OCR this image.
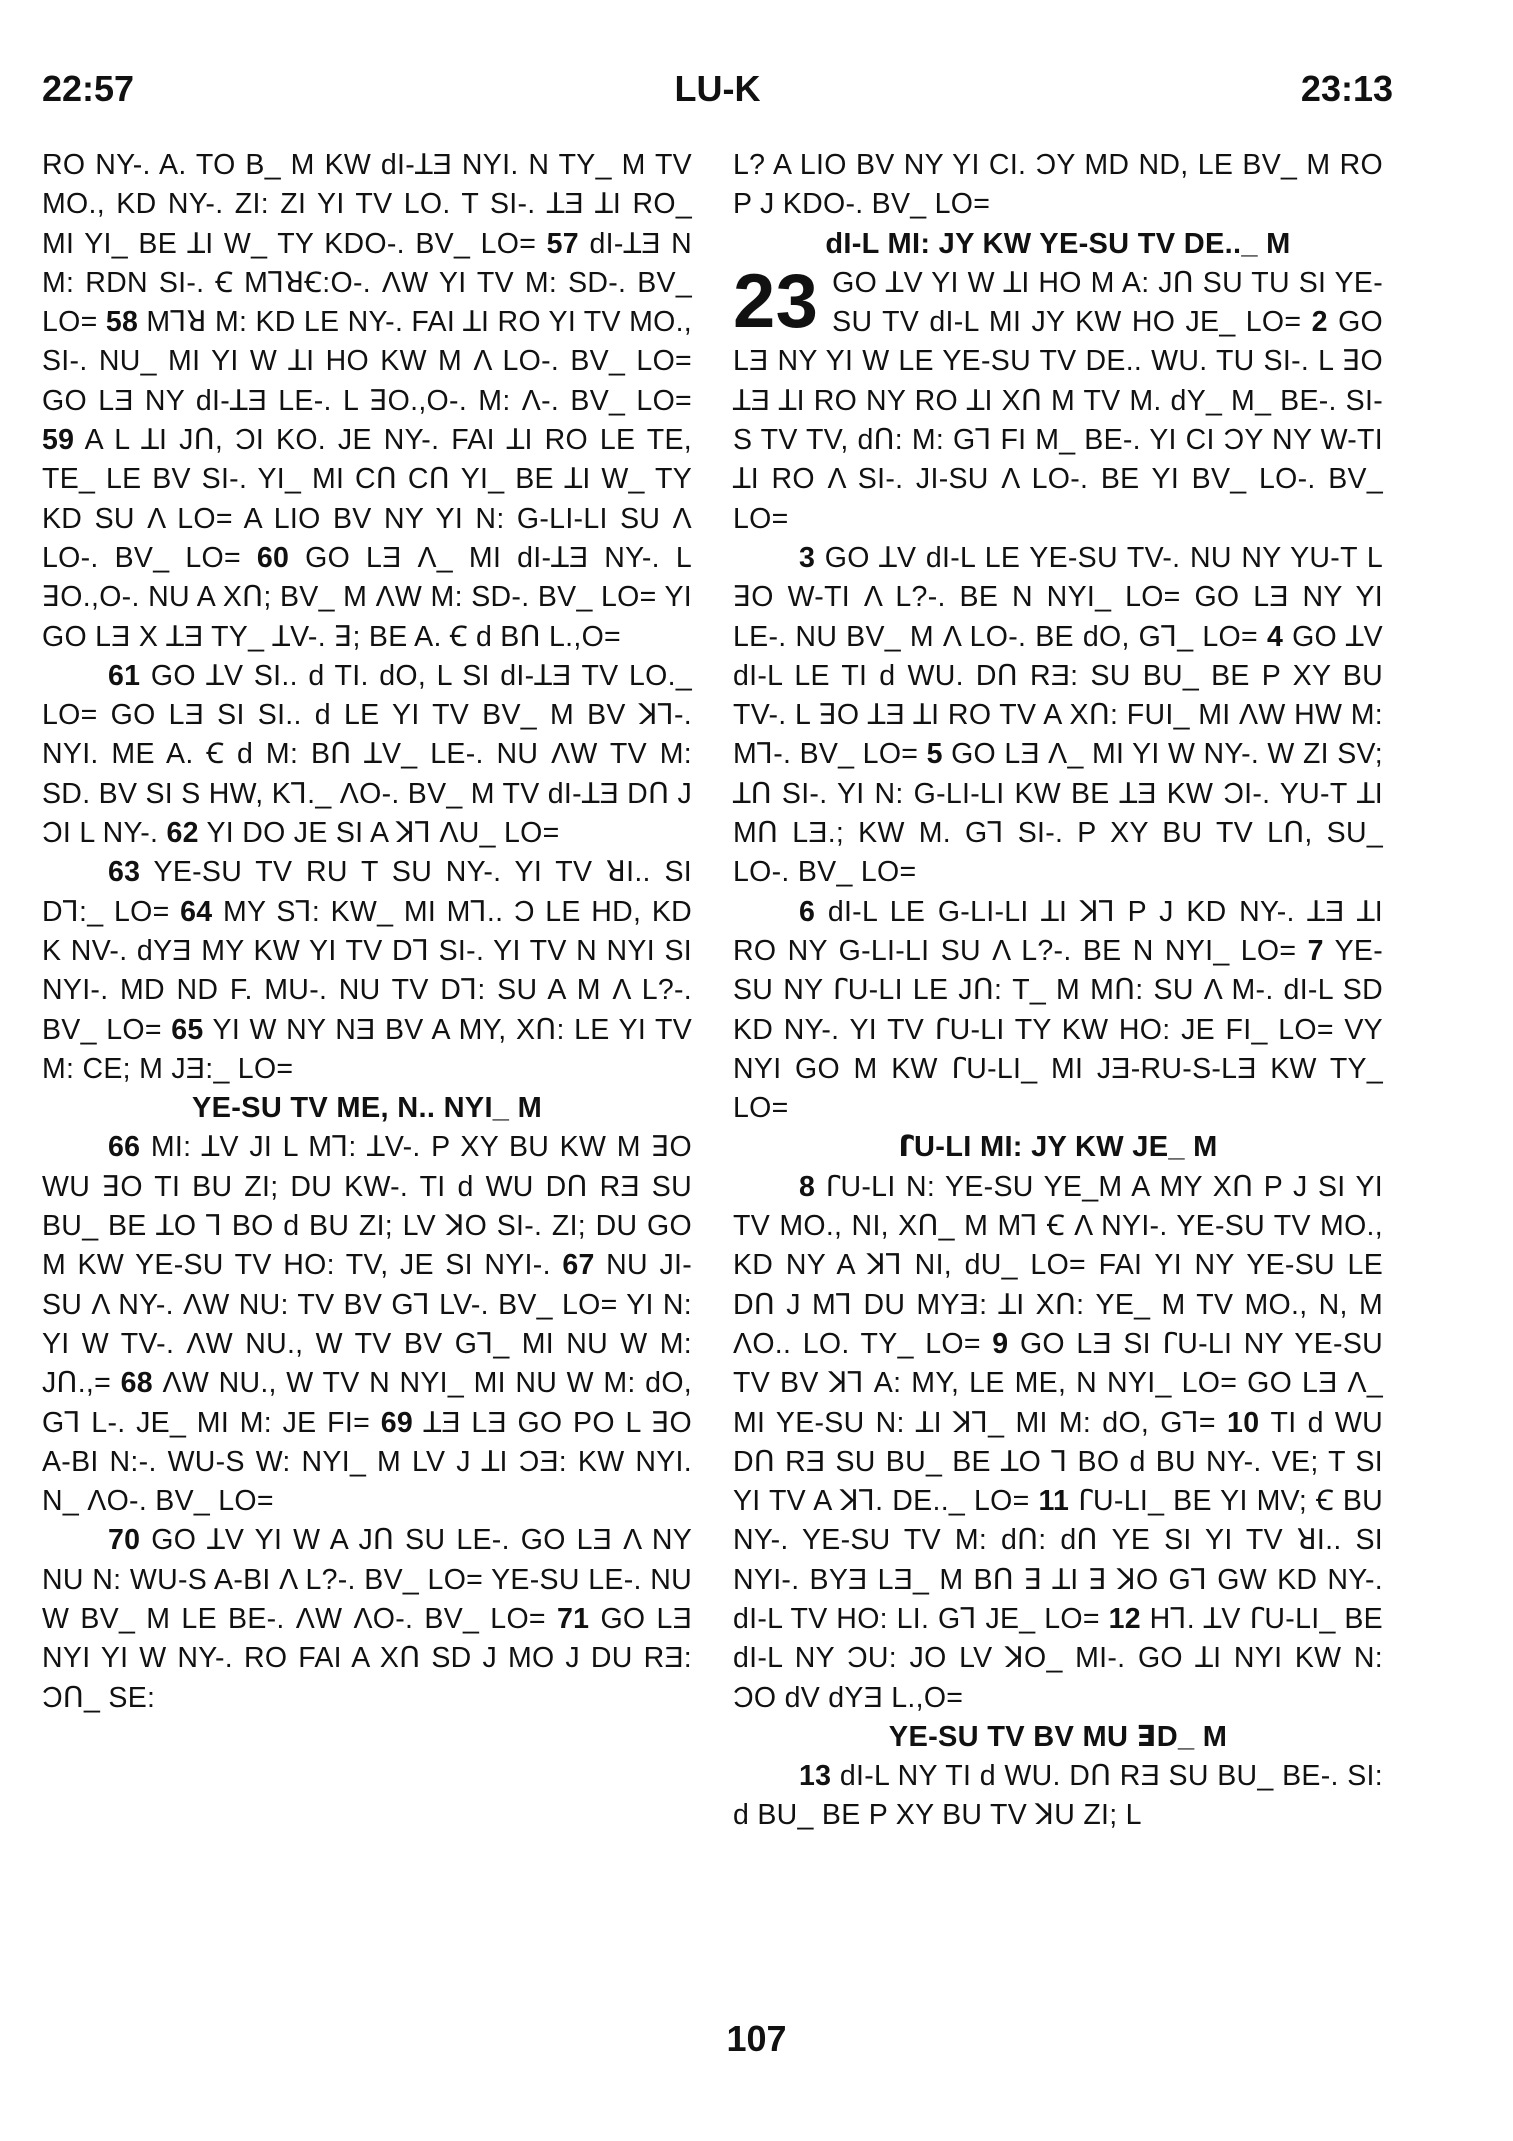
22:57	LU-K	23:13

RO NY-. A. TO B_ M KW dI-ꓕƎ NYI. N TY_ M TV MO., KD NY-. ZI: ZI YI TV LO. T SI-. ꓕƎ ꓕI RO_ MI YI_ BE ꓕI W_ TY KDO-. BV_ LO= 57 dI-ꓕƎ N M: RDN SI-. Ꞓ MꓶꓤꞒ:O-. ΛW YI TV M: SD-. BV_ LO= 58 Mꓶꓤ M: KD LE NY-. FAI ꓕI RO YI TV MO., SI-. NU_ MI YI W ꓕI HO KW M Λ LO-. BV_ LO= GO LƎ NY dI-ꓕƎ LE-. L ꓱO.,O-. M: Λ-. BV_ LO= 59 A L ꓕI JՈ, ƆI KO. JE NY-. FAI ꓕI RO LE TE, TE_ LE BV SI-. YI_ MI CՈ CՈ YI_ BE ꓕI W_ TY KD SU Λ LO= A LIO BV NY YI N: G-LI-LI SU Λ LO-. BV_ LO= 60 GO LƎ Λ_ MI dI-ꓕƎ NY-. L ꓱO.,O-. NU A XՈ; BV_ M ΛW M: SD-. BV_ LO= YI GO LƎ X ꓕƎ TY_ ꓕV-. ꓱ; BE A. Ꞓ d BՈ L.,O=

61 GO ꓕV SI.. d TI. dO, L SI dI-ꓕƎ TV LO._ LO= GO LƎ SI SI.. d LE YI TV BV_ M BV ꓘꓶ-. NYI. ME A. Ꞓ d M: BՈ ꓕV_ LE-. NU ΛW TV M: SD. BV SI S HW, Kꓶ._ ΛO-. BV_ M TV dI-ꓕƎ DՈ J ƆI L NY-. 62 YI DO JE SI A ꓘꓶ ΛU_ LO=

63 YE-SU TV RU T SU NY-. YI TV ꓤI.. SI Dꓶ:_ LO= 64 MY Sꓶ: KW_ MI Mꓶ.. Ɔ LE HD, KD K NV-. dYƎ MY KW YI TV Dꓶ SI-. YI TV N NYI SI NYI-. MD ND F. MU-. NU TV Dꓶ: SU A M Λ L?-. BV_ LO= 65 YI W NY NƎ BV A MY, XՈ: LE YI TV M: CE; M JƎ:_ LO=

YE-SU TV ME, N.. NYI_ M

66 MI: ꓕV JI L Mꓶ: ꓕV-. P XY BU KW M ꓱO WU ꓱO TI BU ZI; DU KW-. TI d WU DՈ RƎ SU BU_ BE ꓕO ꓶ BO d BU ZI; LV ꓘO SI-. ZI; DU GO M KW YE-SU TV HO: TV, JE SI NYI-. 67 NU JI-SU Λ NY-. ΛW NU: TV BV Gꓶ LV-. BV_ LO= YI N: YI W TV-. ΛW NU., W TV BV Gꓶ_ MI NU W M: JՈ.,= 68 ΛW NU., W TV N NYI_ MI NU W M: dO, Gꓶ L-. JE_ MI M: JE FI= 69 ꓕƎ LƎ GO PO L ꓱO A-BI N:-. WU-S W: NYI_ M LV J ꓕI ƆƎ: KW NYI. N_ ΛO-. BV_ LO=

70 GO ꓕV YI W A JՈ SU LE-. GO LƎ Λ NY NU N: WU-S A-BI Λ L?-. BV_ LO= YE-SU LE-. NU W BV_ M LE BE-. ΛW ΛO-. BV_ LO= 71 GO LƎ NYI YI W NY-. RO FAI A XՈ SD J MO J DU RƎ: ƆՈ_ SE:

L? A LIO BV NY YI CI. ƆY MD ND, LE BV_ M RO P J KDO-. BV_ LO=

dI-L MI: JY KW YE-SU TV DE.._ M

23 GO ꓕV YI W ꓕI HO M A: JՈ SU TU SI YE-SU TV dI-L MI JY KW HO JE_ LO= 2 GO LƎ NY YI W LE YE-SU TV DE.. WU. TU SI-. L ꓱO ꓕƎ ꓕI RO NY RO ꓕI XՈ M TV M. dY_ M_ BE-. SI-S TV TV, dՈ: M: Gꓶ FI M_ BE-. YI CI ƆY NY W-TI ꓕI RO Λ SI-. JI-SU Λ LO-. BE YI BV_ LO-. BV_ LO=

3 GO ꓕV dI-L LE YE-SU TV-. NU NY YU-T L ꓱO W-TI Λ L?-. BE N NYI_ LO= GO LƎ NY YI LE-. NU BV_ M Λ LO-. BE dO, Gꓶ_ LO= 4 GO ꓕV dI-L LE TI d WU. DՈ RƎ: SU BU_ BE P XY BU TV-. L ꓱO ꓕƎ ꓕI RO TV A XՈ: FUI_ MI ΛW HW M: Mꓶ-. BV_ LO= 5 GO LƎ Λ_ MI YI W NY-. W ZI SV; ꓕՈ SI-. YI N: G-LI-LI KW BE ꓕƎ KW ƆI-. YU-T ꓕI MՈ LƎ.; KW M. Gꓶ SI-. P XY BU TV LՈ, SU_ LO-. BV_ LO=

6 dI-L LE G-LI-LI ꓕI ꓘꓶ P J KD NY-. ꓕƎ ꓕI RO NY G-LI-LI SU Λ L?-. BE N NYI_ LO= 7 YE-SU NY ꓩU-LI LE JՈ: T_ M MՈ: SU Λ M-. dI-L SD KD NY-. YI TV ꓩU-LI TY KW HO: JE FI_ LO= VY NYI GO M KW ꓩU-LI_ MI JƎ-RU-S-LƎ KW TY_ LO=

ꓩU-LI MI: JY KW JE_ M

8 ꓩU-LI N: YE-SU YE_M A MY XՈ P J SI YI TV MO., NI, XՈ_ M Mꓶ Ꞓ Λ NYI-. YE-SU TV MO., KD NY A ꓘꓶ NI, dU_ LO= FAI YI NY YE-SU LE DՈ J Mꓶ DU MYƎ: ꓕI XՈ: YE_ M TV MO., N, M ΛO.. LO. TY_ LO= 9 GO LƎ SI ꓩU-LI NY YE-SU TV BV ꓘꓶ A: MY, LE ME, N NYI_ LO= GO LƎ Λ_ MI YE-SU N: ꓕI ꓘꓶ_ MI M: dO, Gꓶ= 10 TI d WU DՈ RƎ SU BU_ BE ꓕO ꓶ BO d BU NY-. VE; T SI YI TV A ꓘꓶ. DE.._ LO= 11 ꓩU-LI_ BE YI MV; Ꞓ BU NY-. YE-SU TV M: dՈ: dՈ YE SI YI TV ꓤI.. SI NYI-. BYƎ LƎ_ M BՈ ꓱ ꓕI ꓱ ꓘO Gꓶ GW KD NY-. dI-L TV HO: LI. Gꓶ JE_ LO= 12 Hꓶ. ꓕV ꓩU-LI_ BE dI-L NY ƆU: JO LV ꓘO_ MI-. GO ꓕI NYI KW N: ƆO dV dYƎ L.,O=

YE-SU TV BV MU ꓱD_ M

13 dI-L NY TI d WU. DՈ RƎ SU BU_ BE-. SI: d BU_ BE P XY BU TV ꓘU ZI; L

107
